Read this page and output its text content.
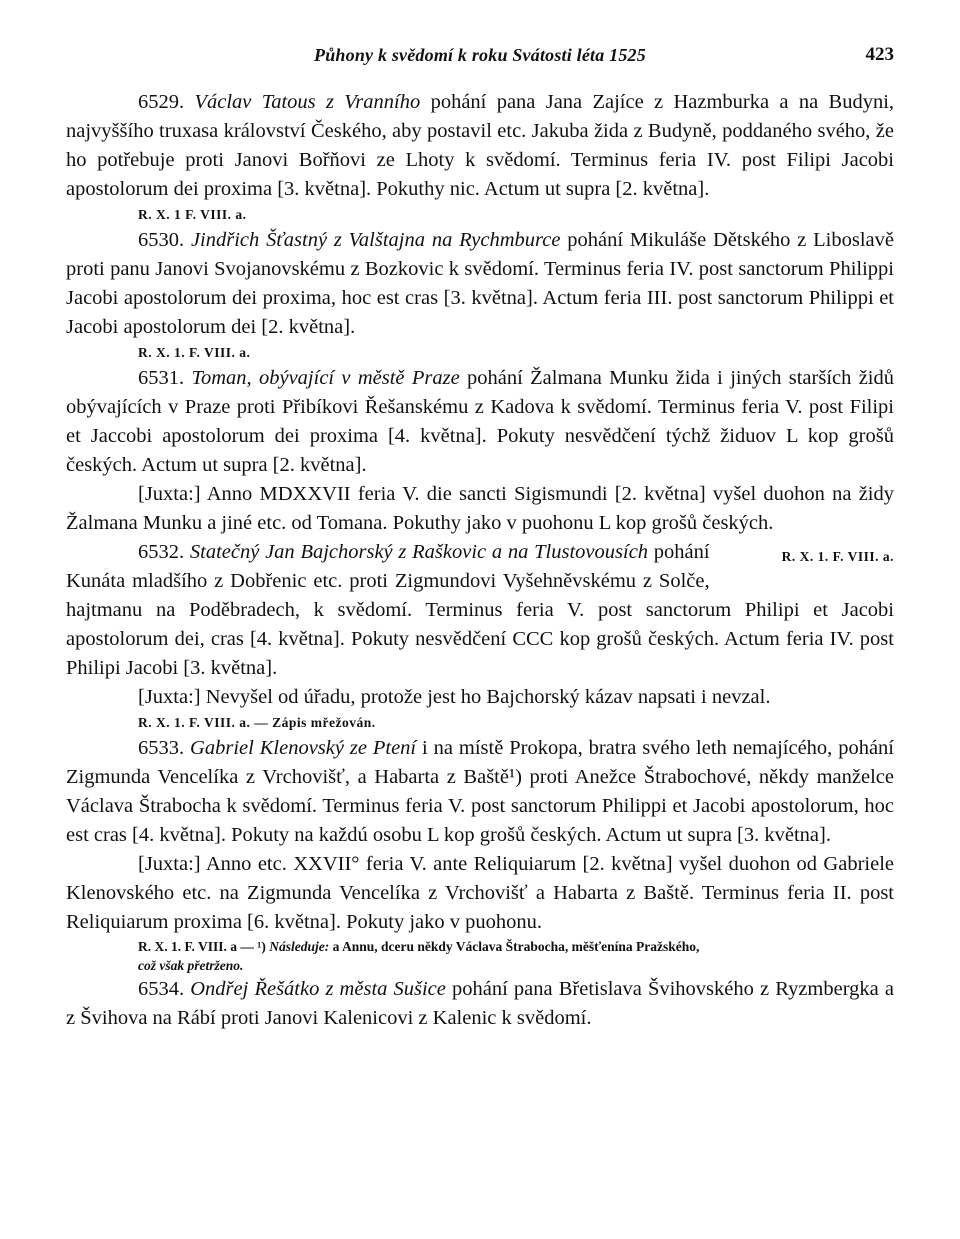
Půhony k svědomí k roku Svátosti léta 1525	423

6529. Václav Tatous z Vranního pohání pana Jana Zajíce z Hazmburka a na Budyni, najvyššího truxasa království Českého, aby postavil etc. Jakuba žida z Budyně, poddaného svého, že ho potřebuje proti Janovi Bořňovi ze Lhoty k svědomí. Terminus feria IV. post Filipi Jacobi apostolorum dei proxima [3. května]. Pokuthy nic. Actum ut supra [2. května].

R. X. 1 F. VIII. a.

6530. Jindřich Šťastný z Valštajna na Rychmburce pohání Mikuláše Dětského z Liboslavě proti panu Janovi Svojanovskému z Bozkovic k svědomí. Terminus feria IV. post sanctorum Philippi Jacobi apostolorum dei proxima, hoc est cras [3. května]. Actum feria III. post sanctorum Philippi et Jacobi apostolorum dei [2. května].

R. X. 1. F. VIII. a.

6531. Toman, obývající v městě Praze pohání Žalmana Munku žida i jiných starších židů obývajících v Praze proti Přibíkovi Řešanskému z Kadova k svědomí. Terminus feria V. post Filipi et Jaccobi apostolorum dei proxima [4. května]. Pokuty nesvědčení týchž židuov L kop grošů českých. Actum ut supra [2. května].

[Juxta:] Anno MDXXVII feria V. die sancti Sigismundi [2. května] vyšel duohon na židy Žalmana Munku a jiné etc. od Tomana. Pokuthy jako v puohonu L kop grošů českých.
R. X. 1. F. VIII. a.

6532. Statečný Jan Bajchorský z Raškovic a na Tlustovousích pohání Kunáta mladšího z Dobřenic etc. proti Zigmundovi Vyšehněvskému z Solče, hajtmanu na Poděbradech, k svědomí. Terminus feria V. post sanctorum Philipi et Jacobi apostolorum dei, cras [4. května]. Pokuty nesvědčení CCC kop grošů českých. Actum feria IV. post Philipi Jacobi [3. května].

[Juxta:] Nevyšel od úřadu, protože jest ho Bajchorský kázav napsati i nevzal.

R. X. 1. F. VIII. a. — Zápis mřežován.

6533. Gabriel Klenovský ze Ptení i na místě Prokopa, bratra svého leth nemajícého, pohání Zigmunda Vencelíka z Vrchovišť, a Habarta z Baště¹) proti Anežce Štrabochové, někdy manželce Václava Štrabocha k svědomí. Terminus feria V. post sanctorum Philippi et Jacobi apostolorum, hoc est cras [4. května]. Pokuty na každú osobu L kop grošů českých. Actum ut supra [3. května].

[Juxta:] Anno etc. XXVII° feria V. ante Reliquiarum [2. května] vyšel duohon od Gabriele Klenovského etc. na Zigmunda Vencelíka z Vrchovišť a Habarta z Baště. Terminus feria II. post Reliquiarum proxima [6. května]. Pokuty jako v puohonu.

R. X. 1. F. VIII. a — ¹) Následuje: a Annu, dceru někdy Václava Štrabocha, měšťenína Pražského,
což však přetrženo.

6534. Ondřej Řešátko z města Sušice pohání pana Břetislava Švihovského z Ryzmbergka a z Švihova na Rábí proti Janovi Kalenicovi z Kalenic k svědomí.
